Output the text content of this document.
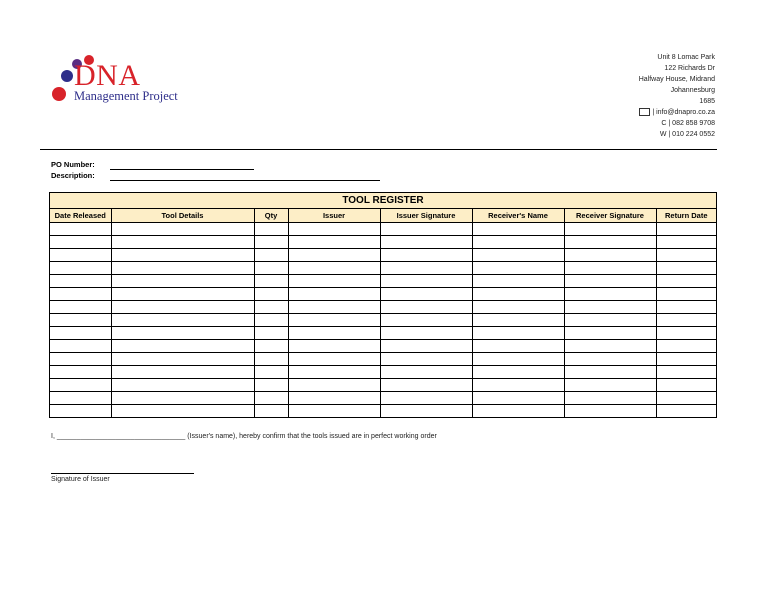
DNA
Management Project
Unit 8 Lomac Park
122 Richards Dr
Halfway House, Midrand
Johannesburg
1685
| info@dnapro.co.za
C | 082 858 9708
W | 010 224 0552
PO Number:
Description:
TOOL REGISTER
Date Released	Tool Details	Qty	Issuer	Issuer Signature	Receiver's Name	Receiver Signature	Return Date

I, _________________________________ (Issuer's name), hereby confirm that the tools issued are in perfect working order
Signature of Issuer
